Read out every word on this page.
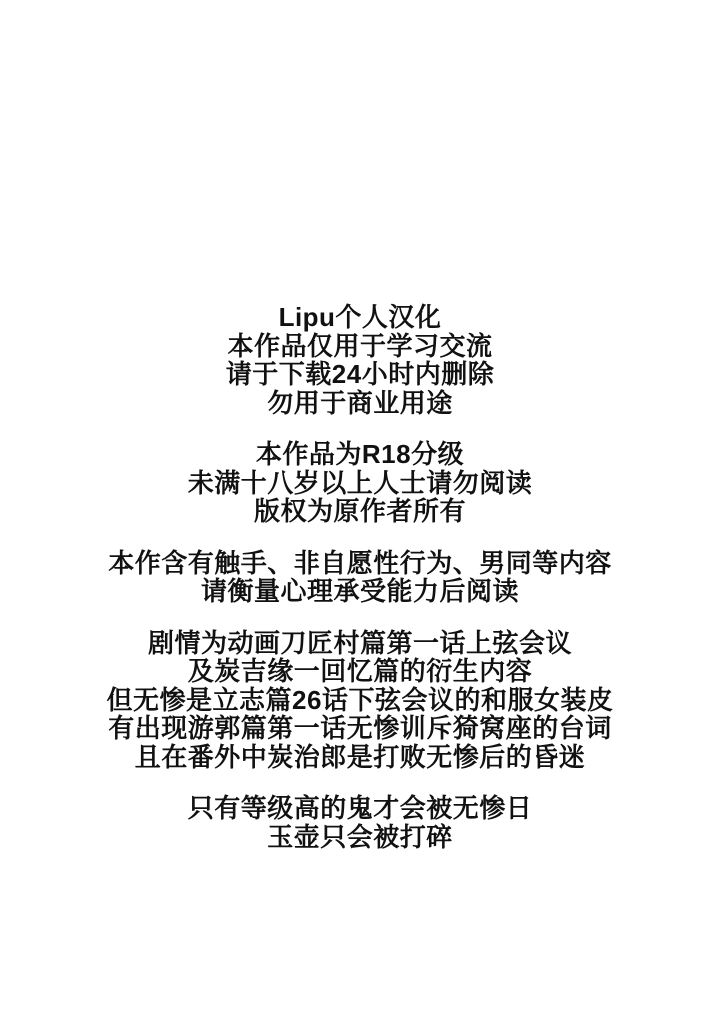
Lipu个人汉化
本作品仅用于学习交流
请于下载24小时内删除
勿用于商业用途
本作品为R18分级
未满十八岁以上人士请勿阅读
版权为原作者所有
本作含有触手、非自愿性行为、男同等内容
请衡量心理承受能力后阅读
剧情为动画刀匠村篇第一话上弦会议
及炭吉缘一回忆篇的衍生内容
但无惨是立志篇26话下弦会议的和服女装皮
有出现游郭篇第一话无惨训斥猗窝座的台词
且在番外中炭治郎是打败无惨后的昏迷
只有等级高的鬼才会被无惨日
玉壶只会被打碎
